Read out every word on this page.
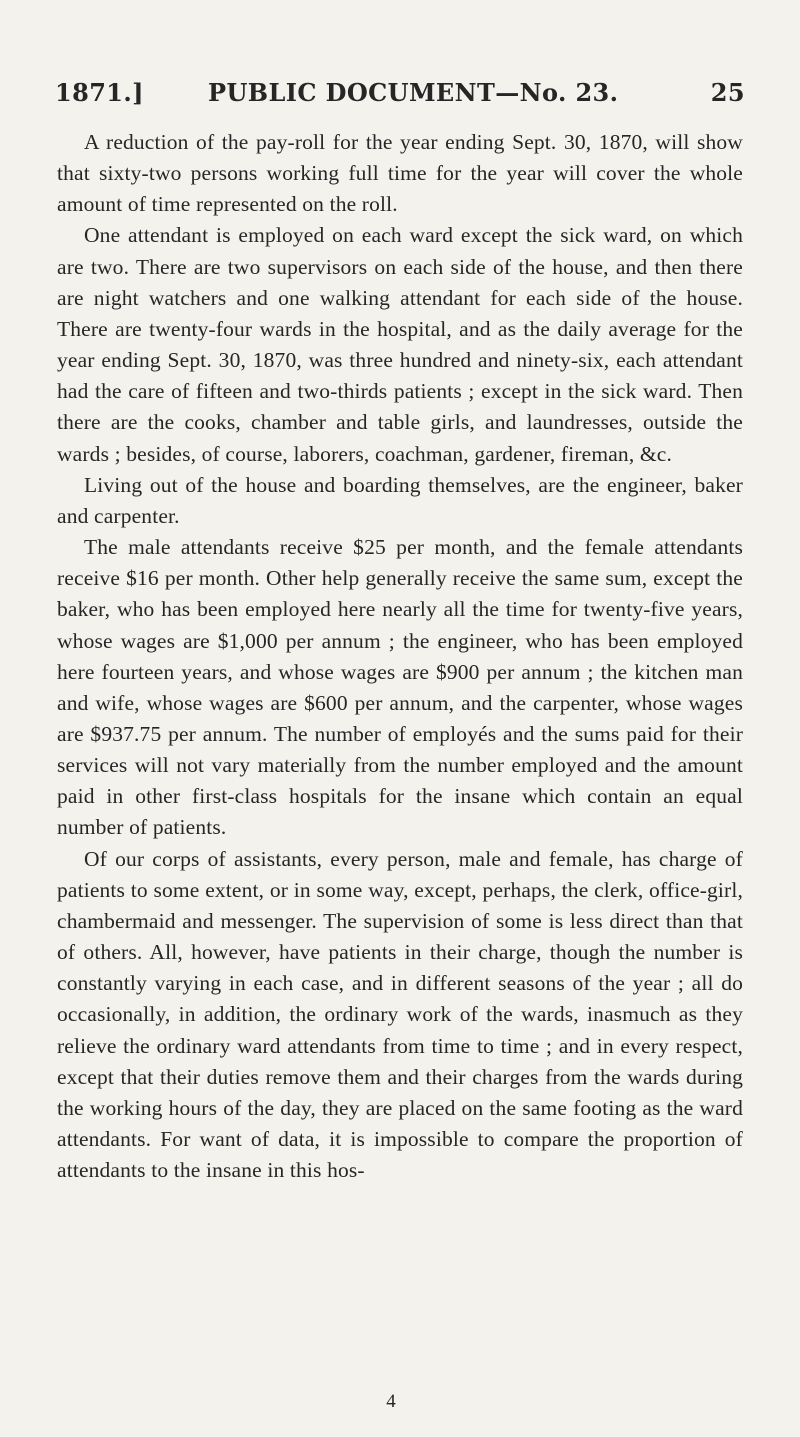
1871.]	PUBLIC DOCUMENT—No. 23.	25

A reduction of the pay-roll for the year ending Sept. 30, 1870, will show that sixty-two persons working full time for the year will cover the whole amount of time represented on the roll.

One attendant is employed on each ward except the sick ward, on which are two. There are two supervisors on each side of the house, and then there are night watchers and one walking attendant for each side of the house. There are twenty-four wards in the hospital, and as the daily average for the year ending Sept. 30, 1870, was three hundred and ninety-six, each attendant had the care of fifteen and two-thirds patients ; except in the sick ward. Then there are the cooks, chamber and table girls, and laundresses, outside the wards ; besides, of course, laborers, coachman, gardener, fireman, &c.

Living out of the house and boarding themselves, are the engineer, baker and carpenter.

The male attendants receive $25 per month, and the female attendants receive $16 per month. Other help generally receive the same sum, except the baker, who has been employed here nearly all the time for twenty-five years, whose wages are $1,000 per annum ; the engineer, who has been employed here fourteen years, and whose wages are $900 per annum ; the kitchen man and wife, whose wages are $600 per annum, and the carpenter, whose wages are $937.75 per annum. The number of employés and the sums paid for their services will not vary materially from the number employed and the amount paid in other first-class hospitals for the insane which contain an equal number of patients.

Of our corps of assistants, every person, male and female, has charge of patients to some extent, or in some way, except, perhaps, the clerk, office-girl, chambermaid and messenger. The supervision of some is less direct than that of others. All, however, have patients in their charge, though the number is constantly varying in each case, and in different seasons of the year ; all do occasionally, in addition, the ordinary work of the wards, inasmuch as they relieve the ordinary ward attendants from time to time ; and in every respect, except that their duties remove them and their charges from the wards during the working hours of the day, they are placed on the same footing as the ward attendants. For want of data, it is impossible to compare the proportion of attendants to the insane in this hos-

4
